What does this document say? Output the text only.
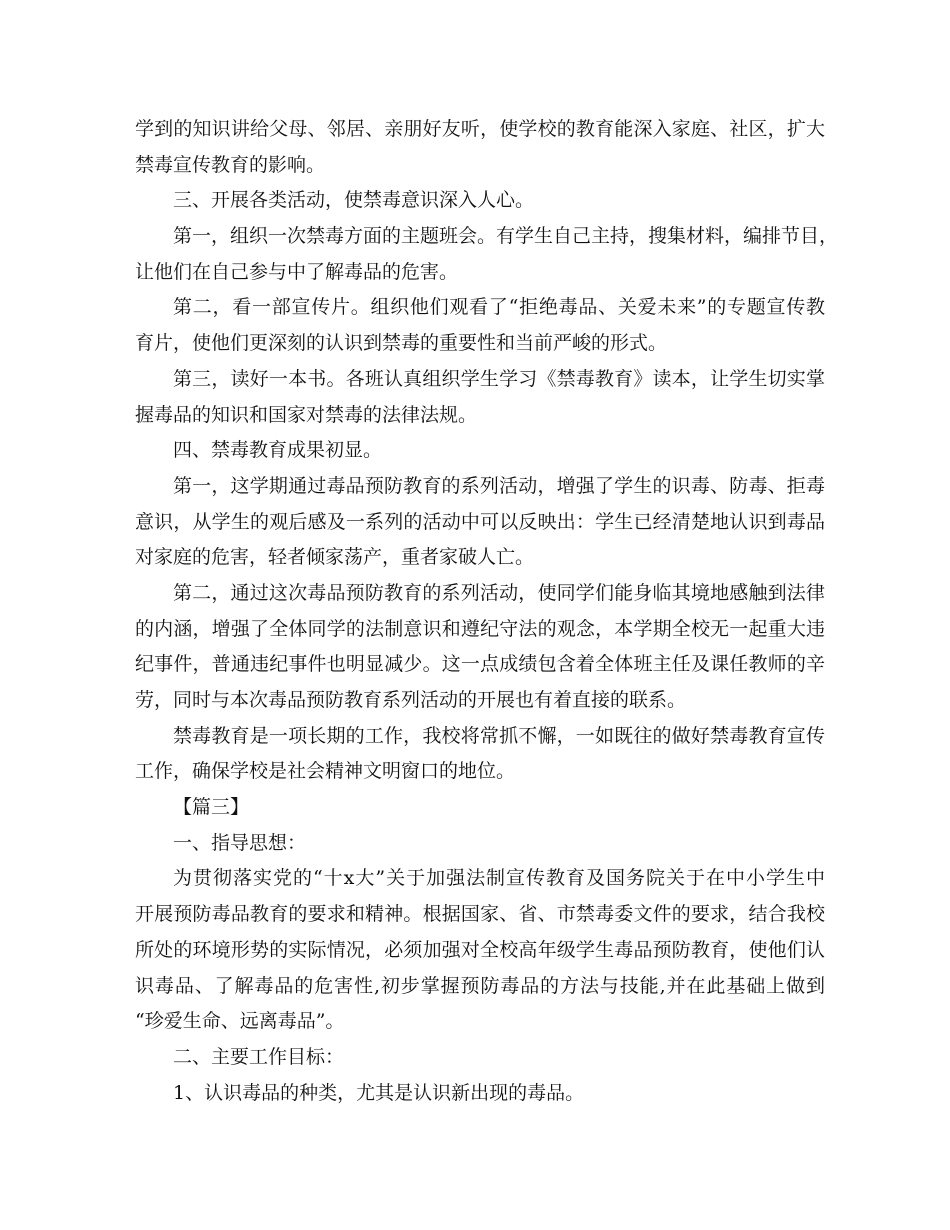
学到的知识讲给父母、邻居、亲朋好友听，使学校的教育能深入家庭、社区，扩大
禁毒宣传教育的影响。
三、开展各类活动，使禁毒意识深入人心。
第一，组织一次禁毒方面的主题班会。有学生自己主持，搜集材料，编排节目，
让他们在自己参与中了解毒品的危害。
第二，看一部宣传片。组织他们观看了“拒绝毒品、关爱未来”的专题宣传教
育片，使他们更深刻的认识到禁毒的重要性和当前严峻的形式。
第三，读好一本书。各班认真组织学生学习《禁毒教育》读本，让学生切实掌
握毒品的知识和国家对禁毒的法律法规。
四、禁毒教育成果初显。
第一，这学期通过毒品预防教育的系列活动，增强了学生的识毒、防毒、拒毒
意识，从学生的观后感及一系列的活动中可以反映出：学生已经清楚地认识到毒品
对家庭的危害，轻者倾家荡产，重者家破人亡。
第二，通过这次毒品预防教育的系列活动，使同学们能身临其境地感触到法律
的内涵，增强了全体同学的法制意识和遵纪守法的观念，本学期全校无一起重大违
纪事件，普通违纪事件也明显减少。这一点成绩包含着全体班主任及课任教师的辛
劳，同时与本次毒品预防教育系列活动的开展也有着直接的联系。
禁毒教育是一项长期的工作，我校将常抓不懈，一如既往的做好禁毒教育宣传
工作，确保学校是社会精神文明窗口的地位。
【篇三】
一、指导思想：
为贯彻落实党的“十x大”关于加强法制宣传教育及国务院关于在中小学生中
开展预防毒品教育的要求和精神。根据国家、省、市禁毒委文件的要求，结合我校
所处的环境形势的实际情况，必须加强对全校高年级学生毒品预防教育，使他们认
识毒品、了解毒品的危害性,初步掌握预防毒品的方法与技能,并在此基础上做到
“珍爱生命、远离毒品”。
二、主要工作目标：
1、认识毒品的种类，尤其是认识新出现的毒品。
